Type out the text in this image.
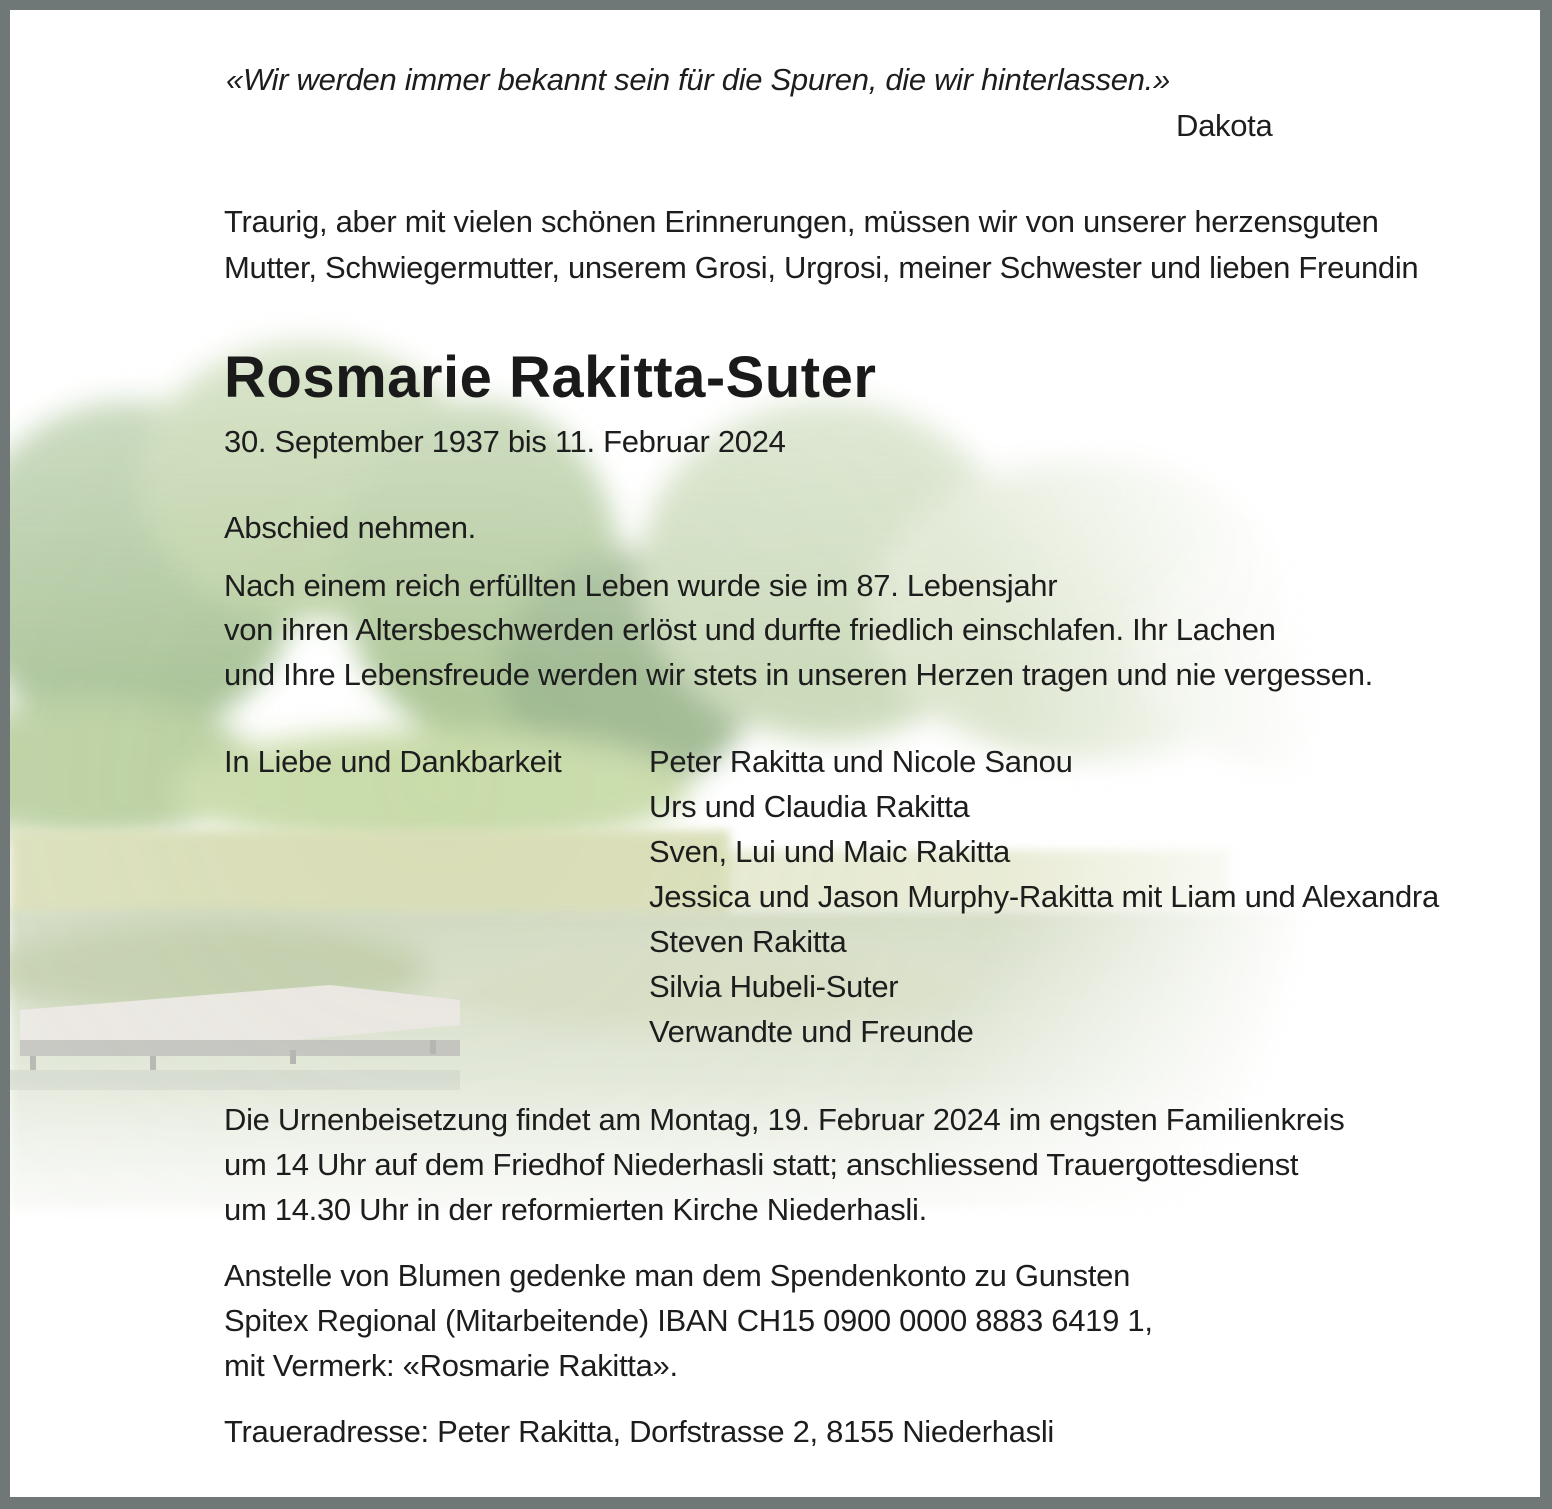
«Wir werden immer bekannt sein für die Spuren, die wir hinterlassen.»
Dakota
Traurig, aber mit vielen schönen Erinnerungen, müssen wir von unserer herzensguten
Mutter, Schwiegermutter, unserem Grosi, Urgrosi, meiner Schwester und lieben Freundin
Rosmarie Rakitta-Suter
30. September 1937 bis 11. Februar 2024
Abschied nehmen.
Nach einem reich erfüllten Leben wurde sie im 87. Lebensjahr
von ihren Altersbeschwerden erlöst und durfte friedlich einschlafen. Ihr Lachen
und Ihre Lebensfreude werden wir stets in unseren Herzen tragen und nie vergessen.
In Liebe und Dankbarkeit	Peter Rakitta und Nicole Sanou
Urs und Claudia Rakitta
Sven, Lui und Maic Rakitta
Jessica und Jason Murphy-Rakitta mit Liam und Alexandra
Steven Rakitta
Silvia Hubeli-Suter
Verwandte und Freunde
Die Urnenbeisetzung findet am Montag, 19. Februar 2024 im engsten Familienkreis
um 14 Uhr auf dem Friedhof Niederhasli statt; anschliessend Trauergottesdienst
um 14.30 Uhr in der reformierten Kirche Niederhasli.
Anstelle von Blumen gedenke man dem Spendenkonto zu Gunsten
Spitex Regional (Mitarbeitende) IBAN CH15 0900 0000 8883 6419 1,
mit Vermerk: «Rosmarie Rakitta».
Traueradresse: Peter Rakitta, Dorfstrasse 2, 8155 Niederhasli
